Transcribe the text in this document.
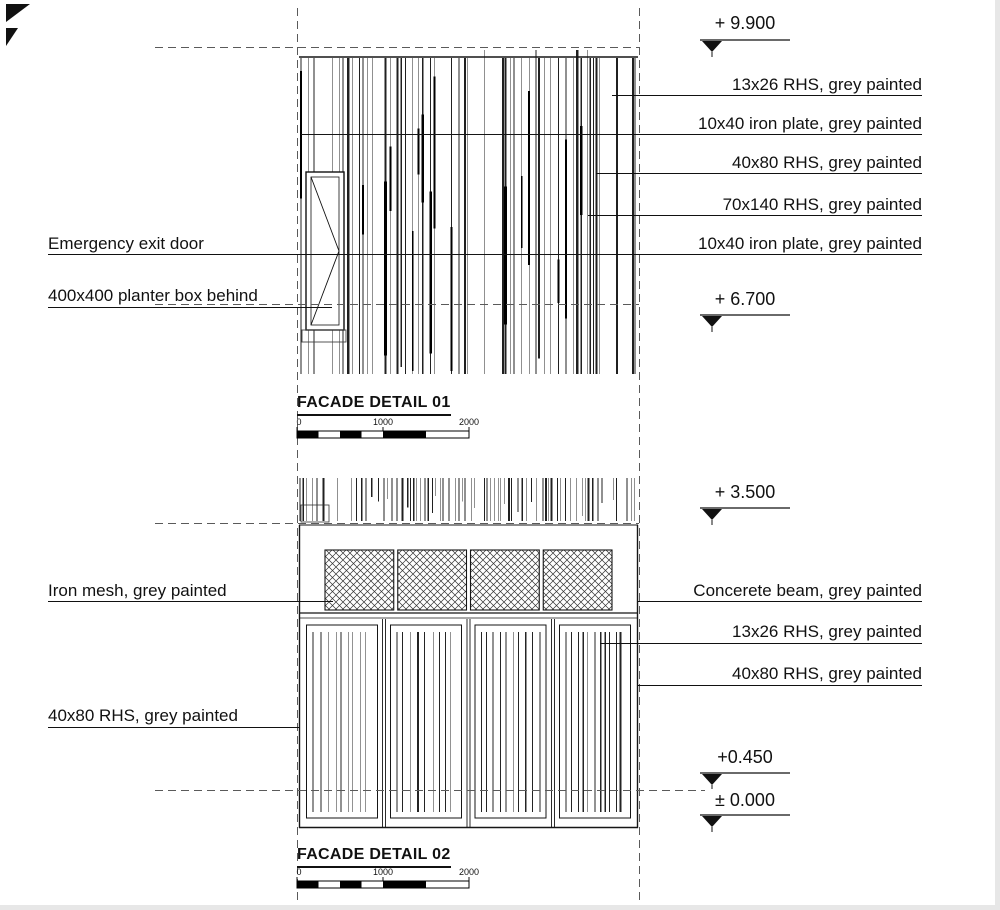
0	1000	2000
0	1000	2000
13x26 RHS, grey painted
10x40 iron plate, grey painted
40x80 RHS, grey painted
70x140 RHS, grey painted
10x40 iron plate, grey painted
Emergency exit door
400x400 planter box behind
+ 9.900
+ 6.700
FACADE DETAIL 01
Iron mesh, grey painted	Concerete beam, grey painted
13x26 RHS, grey painted
40x80 RHS, grey painted
40x80 RHS, grey painted
+ 3.500
+0.450
± 0.000
FACADE DETAIL 02
